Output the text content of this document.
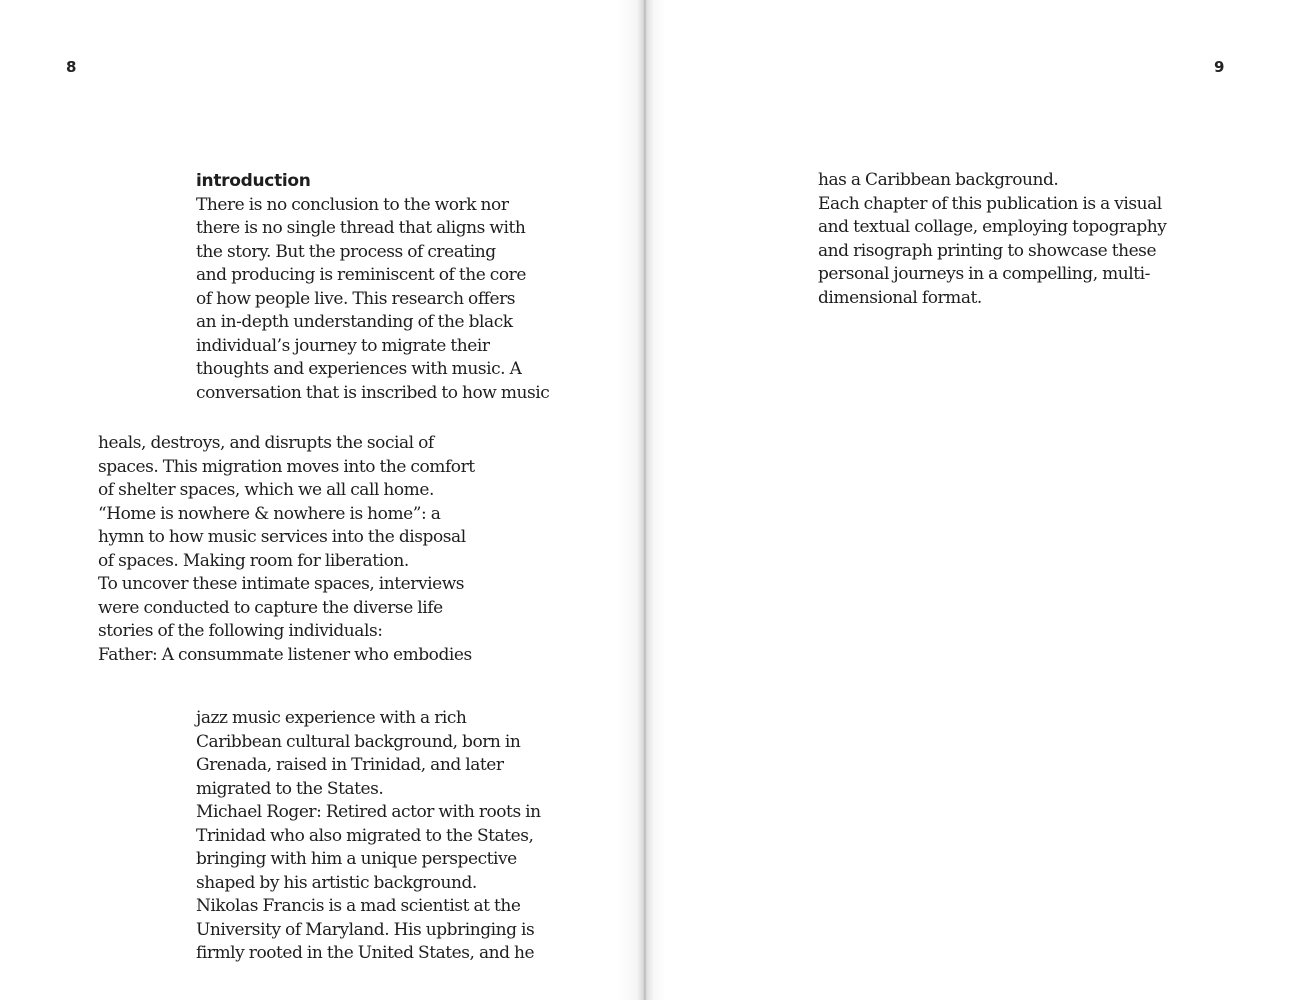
8
introduction
There is no conclusion to the work nor
there is no single thread that aligns with
the story. But the process of creating
and producing is reminiscent of the core
of how people live. This research offers
an in-depth understanding of the black
individual’s journey to migrate their
thoughts and experiences with music. A
conversation that is inscribed to how music
heals, destroys, and disrupts the social of
spaces. This migration moves into the comfort
of shelter spaces, which we all call home.
“Home is nowhere & nowhere is home”: a
hymn to how music services into the disposal
of spaces. Making room for liberation.
To uncover these intimate spaces, interviews
were conducted to capture the diverse life
stories of the following individuals:
Father: A consummate listener who embodies
jazz music experience with a rich
Caribbean cultural background, born in
Grenada, raised in Trinidad, and later
migrated to the States.
Michael Roger: Retired actor with roots in
Trinidad who also migrated to the States,
bringing with him a unique perspective
shaped by his artistic background.
Nikolas Francis is a mad scientist at the
University of Maryland. His upbringing is
firmly rooted in the United States, and he
9
has a Caribbean background.
Each chapter of this publication is a visual
and textual collage, employing topography
and risograph printing to showcase these
personal journeys in a compelling, multi-
dimensional format.
